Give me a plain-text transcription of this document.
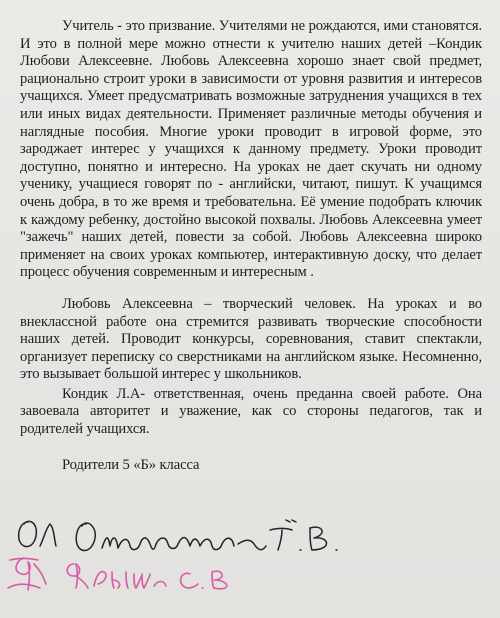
Учитель - это призвание. Учителями не рождаются, ими становятся. И это в полной мере можно отнести к учителю наших детей –Кондик Любови Алексеевне. Любовь Алексеевна хорошо знает свой предмет, рационально строит уроки в зависимости от уровня развития и интересов учащихся. Умеет предусматривать возможные затруднения учащихся в тех или иных видах деятельности. Применяет различные методы обучения и наглядные пособия. Многие уроки проводит в игровой форме, это зароджает интерес у учащихся к данному предмету. Уроки проводит доступно, понятно и интересно. На уроках не дает скучать ни одному ученику, учащиеся говорят по - английски, читают, пишут. К учащимся очень добра, в то же время и требовательна. Её умение подобрать ключик к каждому ребенку, достойно высокой похвалы. Любовь Алексеевна умеет "зажечь" наших детей, повести за собой. Любовь Алексеевна широко применяет на своих уроках компьютер, интерактивную доску, что делает процесс обучения современным и интересным .

Любовь Алексеевна – творческий человек. На уроках и во внеклассной работе она стремится развивать творческие способности наших детей. Проводит конкурсы, соревнования, ставит спектакли, организует переписку со сверстниками на английском языке. Несомненно, это вызывает большой интерес у школьников.

Кондик Л.А- ответственная, очень преданна своей работе. Она завоевала авторитет и уважение, как со стороны педагогов, так и родителей учащихся.

Родители 5 «Б» класса
